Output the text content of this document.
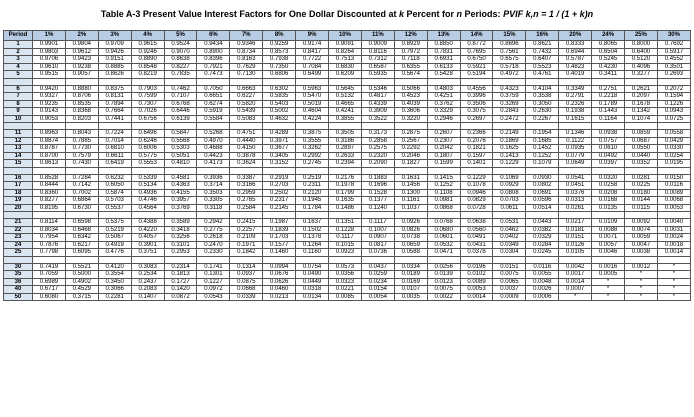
Table A-3 Present Value Interest Factors for One Dollar Discounted at k Percent for n Periods: PVIF k,n = 1 / (1 + k)n
Period	1%	2%	3%	4%	5%	6%	7%	8%	9%	10%	11%	12%	13%	14%	15%	16%	20%	24%	25%	30%
1	0.9901	0.9804	0.9709	0.9615	0.9524	0.9434	0.9346	0.9259	0.9174	0.9091	0.9009	0.8929	0.8850	0.8772	0.8696	0.8621	0.8333	0.8065	0.8000	0.7692
2	0.9803	0.9612	0.9426	0.9246	0.9070	0.8900	0.8734	0.8573	0.8417	0.8264	0.8116	0.7972	0.7831	0.7695	0.7561	0.7432	0.6944	0.6504	0.6400	0.5917
3	0.9706	0.9423	0.9151	0.8890	0.8638	0.8396	0.8163	0.7938	0.7722	0.7513	0.7312	0.7118	0.6931	0.6750	0.6575	0.6407	0.5787	0.5245	0.5120	0.4552
4	0.9610	0.9238	0.8885	0.8548	0.8227	0.7921	0.7629	0.7350	0.7084	0.6830	0.6587	0.6355	0.6133	0.5921	0.5718	0.5523	0.4823	0.4230	0.4096	0.3501
5	0.9515	0.9057	0.8626	0.8219	0.7835	0.7473	0.7130	0.6806	0.6499	0.6209	0.5935	0.5674	0.5428	0.5194	0.4972	0.4761	0.4019	0.3411	0.3277	0.2693

6	0.9420	0.8880	0.8375	0.7903	0.7462	0.7050	0.6663	0.6302	0.5963	0.5645	0.5346	0.5066	0.4803	0.4556	0.4323	0.4104	0.3349	0.2751	0.2621	0.2072
7	0.9327	0.8706	0.8131	0.7599	0.7107	0.6651	0.6227	0.5835	0.5470	0.5132	0.4817	0.4523	0.4251	0.3996	0.3759	0.3538	0.2791	0.2218	0.2097	0.1594
8	0.9235	0.8535	0.7894	0.7307	0.6768	0.6274	0.5820	0.5403	0.5019	0.4665	0.4339	0.4039	0.3762	0.3506	0.3269	0.3050	0.2326	0.1789	0.1678	0.1226
9	0.9143	0.8368	0.7664	0.7026	0.6446	0.5919	0.5439	0.5002	0.4604	0.4241	0.3909	0.3606	0.3329	0.3075	0.2843	0.2630	0.1938	0.1443	0.1342	0.0943
10	0.9053	0.8203	0.7441	0.6756	0.6139	0.5584	0.5083	0.4632	0.4224	0.3855	0.3522	0.3220	0.2946	0.2697	0.2472	0.2267	0.1615	0.1164	0.1074	0.0725

11	0.8963	0.8043	0.7224	0.6496	0.5847	0.5268	0.4751	0.4289	0.3875	0.3505	0.3173	0.2875	0.2607	0.2366	0.2149	0.1954	0.1346	0.0938	0.0859	0.0558
12	0.8874	0.7885	0.7014	0.6246	0.5568	0.4970	0.4440	0.3971	0.3555	0.3186	0.2858	0.2567	0.2307	0.2076	0.1869	0.1685	0.1122	0.0757	0.0687	0.0429
13	0.8787	0.7730	0.6810	0.6006	0.5303	0.4688	0.4150	0.3677	0.3262	0.2897	0.2575	0.2292	0.2042	0.1821	0.1625	0.1452	0.0935	0.0610	0.0550	0.0330
14	0.8700	0.7579	0.6611	0.5775	0.5051	0.4423	0.3878	0.3405	0.2992	0.2633	0.2320	0.2046	0.1807	0.1597	0.1413	0.1252	0.0779	0.0492	0.0440	0.0254
15	0.8613	0.7430	0.6419	0.5553	0.4810	0.4173	0.3624	0.3152	0.2745	0.2394	0.2090	0.1827	0.1599	0.1401	0.1229	0.1079	0.0649	0.0397	0.0352	0.0195

16	0.8528	0.7284	0.6232	0.5339	0.4581	0.3936	0.3387	0.2919	0.2519	0.2176	0.1883	0.1631	0.1415	0.1229	0.1069	0.0930	0.0541	0.0320	0.0281	0.0150
17	0.8444	0.7142	0.6050	0.5134	0.4363	0.3714	0.3166	0.2703	0.2311	0.1978	0.1696	0.1456	0.1252	0.1078	0.0929	0.0802	0.0451	0.0258	0.0225	0.0116
18	0.8360	0.7002	0.5874	0.4936	0.4155	0.3503	0.2959	0.2502	0.2120	0.1799	0.1528	0.1300	0.1108	0.0946	0.0808	0.0691	0.0376	0.0208	0.0180	0.0089
19	0.8277	0.6864	0.5703	0.4746	0.3957	0.3305	0.2765	0.2317	0.1945	0.1635	0.1377	0.1161	0.0981	0.0829	0.0703	0.0596	0.0313	0.0168	0.0144	0.0068
20	0.8195	0.6730	0.5537	0.4564	0.3769	0.3118	0.2584	0.2145	0.1784	0.1486	0.1240	0.1037	0.0868	0.0728	0.0611	0.0514	0.0261	0.0135	0.0115	0.0053

21	0.8114	0.6598	0.5375	0.4388	0.3589	0.2942	0.2415	0.1987	0.1637	0.1351	0.1117	0.0926	0.0768	0.0638	0.0531	0.0443	0.0217	0.0109	0.0092	0.0040
22	0.8034	0.6468	0.5219	0.4220	0.3418	0.2775	0.2257	0.1839	0.1502	0.1228	0.1007	0.0826	0.0680	0.0560	0.0462	0.0382	0.0181	0.0088	0.0074	0.0031
23	0.7954	0.6342	0.5067	0.4057	0.3256	0.2618	0.2109	0.1703	0.1378	0.1117	0.0907	0.0738	0.0601	0.0491	0.0402	0.0329	0.0151	0.0071	0.0059	0.0024
24	0.7876	0.6217	0.4919	0.3901	0.3101	0.2470	0.1971	0.1577	0.1264	0.1015	0.0817	0.0659	0.0532	0.0431	0.0349	0.0284	0.0126	0.0057	0.0047	0.0018
25	0.7798	0.6095	0.4776	0.3751	0.2953	0.2330	0.1842	0.1460	0.1160	0.0923	0.0736	0.0588	0.0471	0.0378	0.0304	0.0245	0.0105	0.0046	0.0038	0.0014

30	0.7419	0.5521	0.4120	0.3083	0.2314	0.1741	0.1314	0.0994	0.0754	0.0573	0.0437	0.0334	0.0256	0.0196	0.0151	0.0116	0.0042	0.0016	0.0012	*
35	0.7059	0.5000	0.3554	0.2534	0.1813	0.1301	0.0937	0.0676	0.0490	0.0356	0.0259	0.0189	0.0139	0.0102	0.0075	0.0055	0.0017	0.0005	*	*
36	0.6989	0.4902	0.3450	0.2437	0.1727	0.1227	0.0875	0.0626	0.0449	0.0323	0.0234	0.0169	0.0123	0.0089	0.0065	0.0048	0.0014	*	*	*
40	0.6717	0.4529	0.3066	0.2083	0.1420	0.0972	0.0668	0.0460	0.0318	0.0221	0.0154	0.0107	0.0075	0.0053	0.0037	0.0026	0.0007	*	*	*
50	0.6080	0.3715	0.2281	0.1407	0.0872	0.0543	0.0339	0.0213	0.0134	0.0085	0.0054	0.0035	0.0022	0.0014	0.0009	0.0006	*	*	*	*
